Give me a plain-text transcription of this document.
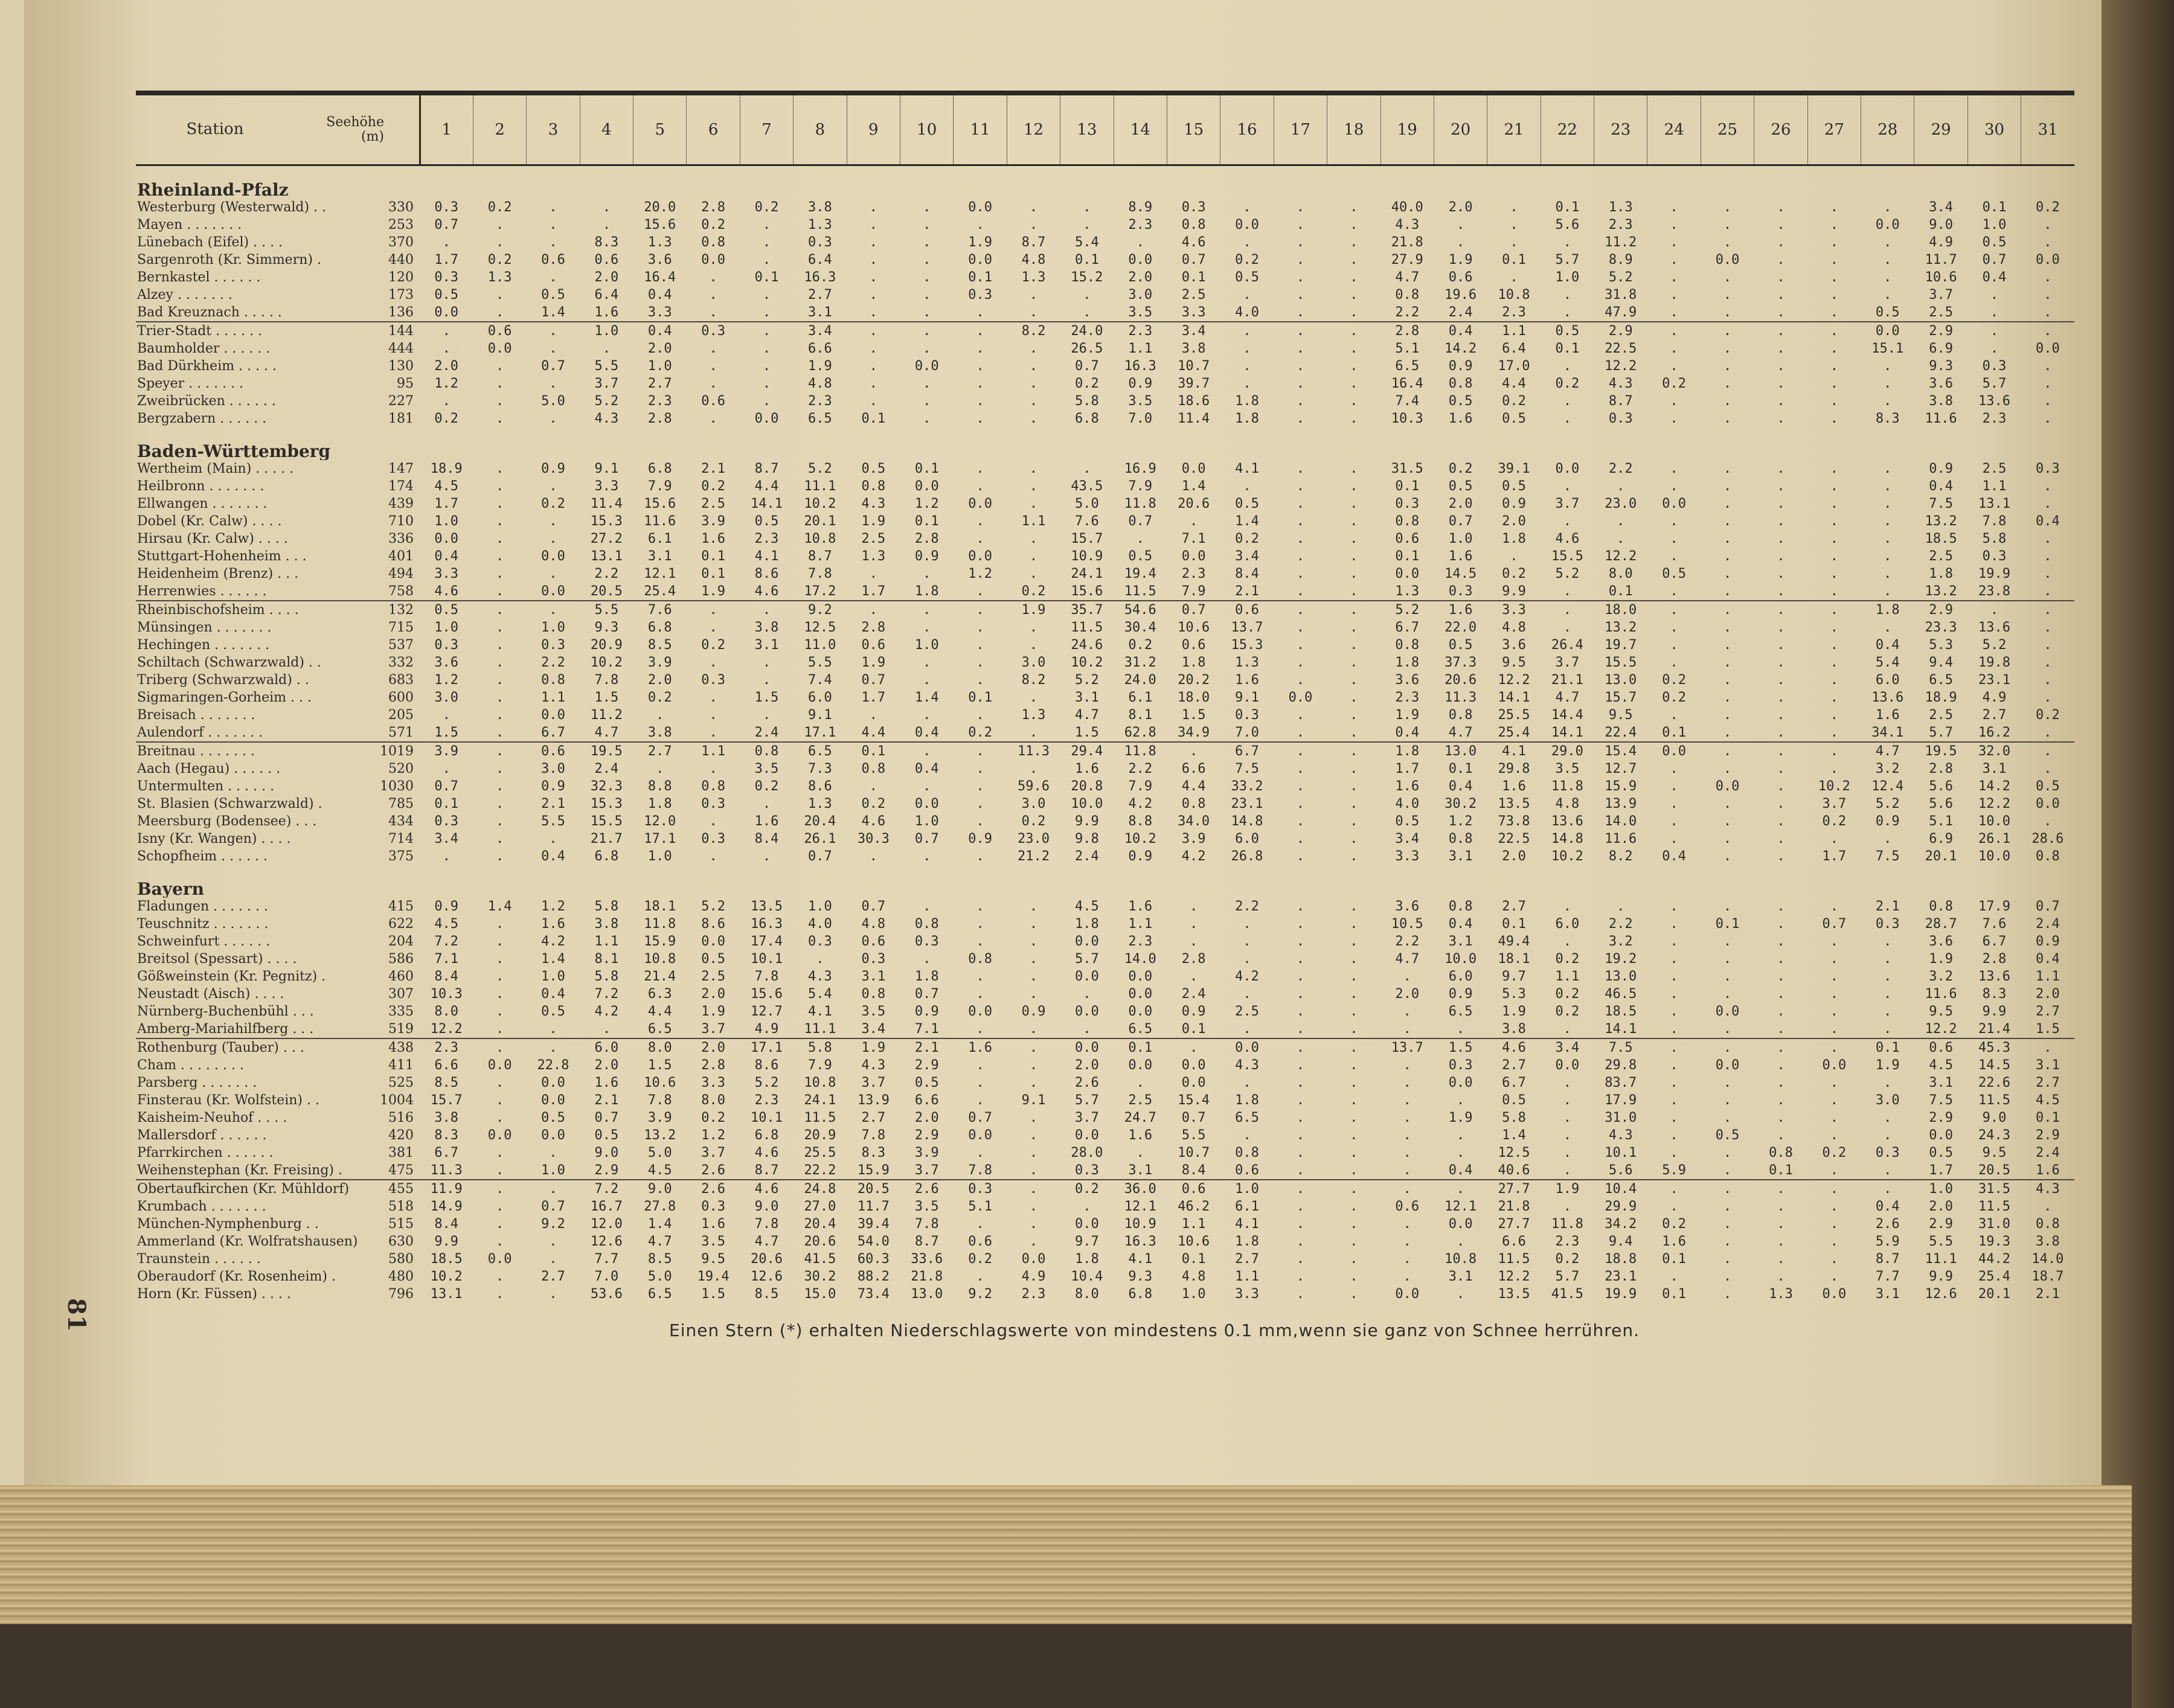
81
Station Seehöhe
(m)	1	2	3	4	5	6	7	8	9	10	11	12	13	14	15	16	17	18	19	20	21	22	23	24	25	26	27	28	29	30	31
Rheinland-Pfalz																															
Westerburg (Westerwald) . . 330	0.3	0.2	.	.	20.0	2.8	0.2	3.8	.	.	0.0	.	.	8.9	0.3	.	.	.	40.0	2.0	.	0.1	1.3	.	.	.	.	.	3.4	0.1	0.2
Mayen . . . . . . . 253	0.7	.	.	.	15.6	0.2	.	1.3	.	.	.	.	.	2.3	0.8	0.0	.	.	4.3	.	.	5.6	2.3	.	.	.	.	0.0	9.0	1.0	.
Lünebach (Eifel) . . . . 370	.	.	.	8.3	1.3	0.8	.	0.3	.	.	1.9	8.7	5.4	.	4.6	.	.	.	21.8	.	.	.	11.2	.	.	.	.	.	4.9	0.5	.
Sargenroth (Kr. Simmern) . 440	1.7	0.2	0.6	0.6	3.6	0.0	.	6.4	.	.	0.0	4.8	0.1	0.0	0.7	0.2	.	.	27.9	1.9	0.1	5.7	8.9	.	0.0	.	.	.	11.7	0.7	0.0
Bernkastel . . . . . . 120	0.3	1.3	.	2.0	16.4	.	0.1	16.3	.	.	0.1	1.3	15.2	2.0	0.1	0.5	.	.	4.7	0.6	.	1.0	5.2	.	.	.	.	.	10.6	0.4	.
Alzey . . . . . . . 173	0.5	.	0.5	6.4	0.4	.	.	2.7	.	.	0.3	.	.	3.0	2.5	.	.	.	0.8	19.6	10.8	.	31.8	.	.	.	.	.	3.7	.	.
Bad Kreuznach . . . . . 136	0.0	.	1.4	1.6	3.3	.	.	3.1	.	.	.	.	.	3.5	3.3	4.0	.	.	2.2	2.4	2.3	.	47.9	.	.	.	.	0.5	2.5	.	.
Trier-Stadt . . . . . . 144	.	0.6	.	1.0	0.4	0.3	.	3.4	.	.	.	8.2	24.0	2.3	3.4	.	.	.	2.8	0.4	1.1	0.5	2.9	.	.	.	.	0.0	2.9	.	.
Baumholder . . . . . . 444	.	0.0	.	.	2.0	.	.	6.6	.	.	.	.	26.5	1.1	3.8	.	.	.	5.1	14.2	6.4	0.1	22.5	.	.	.	.	15.1	6.9	.	0.0
Bad Dürkheim . . . . . 130	2.0	.	0.7	5.5	1.0	.	.	1.9	.	0.0	.	.	0.7	16.3	10.7	.	.	.	6.5	0.9	17.0	.	12.2	.	.	.	.	.	9.3	0.3	.
Speyer . . . . . . . 95	1.2	.	.	3.7	2.7	.	.	4.8	.	.	.	.	0.2	0.9	39.7	.	.	.	16.4	0.8	4.4	0.2	4.3	0.2	.	.	.	.	3.6	5.7	.
Zweibrücken . . . . . . 227	.	.	5.0	5.2	2.3	0.6	.	2.3	.	.	.	.	5.8	3.5	18.6	1.8	.	.	7.4	0.5	0.2	.	8.7	.	.	.	.	.	3.8	13.6	.
Bergzabern . . . . . . 181	0.2	.	.	4.3	2.8	.	0.0	6.5	0.1	.	.	.	6.8	7.0	11.4	1.8	.	.	10.3	1.6	0.5	.	0.3	.	.	.	.	8.3	11.6	2.3	.
Baden-Württemberg																															
Wertheim (Main) . . . . . 147	18.9	.	0.9	9.1	6.8	2.1	8.7	5.2	0.5	0.1	.	.	.	16.9	0.0	4.1	.	.	31.5	0.2	39.1	0.0	2.2	.	.	.	.	.	0.9	2.5	0.3
Heilbronn . . . . . . . 174	4.5	.	.	3.3	7.9	0.2	4.4	11.1	0.8	0.0	.	.	43.5	7.9	1.4	.	.	.	0.1	0.5	0.5	.	.	.	.	.	.	.	0.4	1.1	.
Ellwangen . . . . . . . 439	1.7	.	0.2	11.4	15.6	2.5	14.1	10.2	4.3	1.2	0.0	.	5.0	11.8	20.6	0.5	.	.	0.3	2.0	0.9	3.7	23.0	0.0	.	.	.	.	7.5	13.1	.
Dobel (Kr. Calw) . . . . 710	1.0	.	.	15.3	11.6	3.9	0.5	20.1	1.9	0.1	.	1.1	7.6	0.7	.	1.4	.	.	0.8	0.7	2.0	.	.	.	.	.	.	.	13.2	7.8	0.4
Hirsau (Kr. Calw) . . . . 336	0.0	.	.	27.2	6.1	1.6	2.3	10.8	2.5	2.8	.	.	15.7	.	7.1	0.2	.	.	0.6	1.0	1.8	4.6	.	.	.	.	.	.	18.5	5.8	.
Stuttgart-Hohenheim . . . 401	0.4	.	0.0	13.1	3.1	0.1	4.1	8.7	1.3	0.9	0.0	.	10.9	0.5	0.0	3.4	.	.	0.1	1.6	.	15.5	12.2	.	.	.	.	.	2.5	0.3	.
Heidenheim (Brenz) . . . 494	3.3	.	.	2.2	12.1	0.1	8.6	7.8	.	.	1.2	.	24.1	19.4	2.3	8.4	.	.	0.0	14.5	0.2	5.2	8.0	0.5	.	.	.	.	1.8	19.9	.
Herrenwies . . . . . . 758	4.6	.	0.0	20.5	25.4	1.9	4.6	17.2	1.7	1.8	.	0.2	15.6	11.5	7.9	2.1	.	.	1.3	0.3	9.9	.	0.1	.	.	.	.	.	13.2	23.8	.
Rheinbischofsheim . . . . 132	0.5	.	.	5.5	7.6	.	.	9.2	.	.	.	1.9	35.7	54.6	0.7	0.6	.	.	5.2	1.6	3.3	.	18.0	.	.	.	.	1.8	2.9	.	.
Münsingen . . . . . . . 715	1.0	.	1.0	9.3	6.8	.	3.8	12.5	2.8	.	.	.	11.5	30.4	10.6	13.7	.	.	6.7	22.0	4.8	.	13.2	.	.	.	.	.	23.3	13.6	.
Hechingen . . . . . . . 537	0.3	.	0.3	20.9	8.5	0.2	3.1	11.0	0.6	1.0	.	.	24.6	0.2	0.6	15.3	.	.	0.8	0.5	3.6	26.4	19.7	.	.	.	.	0.4	5.3	5.2	.
Schiltach (Schwarzwald) . . 332	3.6	.	2.2	10.2	3.9	.	.	5.5	1.9	.	.	3.0	10.2	31.2	1.8	1.3	.	.	1.8	37.3	9.5	3.7	15.5	.	.	.	.	5.4	9.4	19.8	.
Triberg (Schwarzwald) . . 683	1.2	.	0.8	7.8	2.0	0.3	.	7.4	0.7	.	.	8.2	5.2	24.0	20.2	1.6	.	.	3.6	20.6	12.2	21.1	13.0	0.2	.	.	.	6.0	6.5	23.1	.
Sigmaringen-Gorheim . . . 600	3.0	.	1.1	1.5	0.2	.	1.5	6.0	1.7	1.4	0.1	.	3.1	6.1	18.0	9.1	0.0	.	2.3	11.3	14.1	4.7	15.7	0.2	.	.	.	13.6	18.9	4.9	.
Breisach . . . . . . . 205	.	.	0.0	11.2	.	.	.	9.1	.	.	.	1.3	4.7	8.1	1.5	0.3	.	.	1.9	0.8	25.5	14.4	9.5	.	.	.	.	1.6	2.5	2.7	0.2
Aulendorf . . . . . . . 571	1.5	.	6.7	4.7	3.8	.	2.4	17.1	4.4	0.4	0.2	.	1.5	62.8	34.9	7.0	.	.	0.4	4.7	25.4	14.1	22.4	0.1	.	.	.	34.1	5.7	16.2	.
Breitnau . . . . . . . 1019	3.9	.	0.6	19.5	2.7	1.1	0.8	6.5	0.1	.	.	11.3	29.4	11.8	.	6.7	.	.	1.8	13.0	4.1	29.0	15.4	0.0	.	.	.	4.7	19.5	32.0	.
Aach (Hegau) . . . . . . 520	.	.	3.0	2.4	.	.	3.5	7.3	0.8	0.4	.	.	1.6	2.2	6.6	7.5	.	.	1.7	0.1	29.8	3.5	12.7	.	.	.	.	3.2	2.8	3.1	.
Untermulten . . . . . . 1030	0.7	.	0.9	32.3	8.8	0.8	0.2	8.6	.	.	.	59.6	20.8	7.9	4.4	33.2	.	.	1.6	0.4	1.6	11.8	15.9	.	0.0	.	10.2	12.4	5.6	14.2	0.5
St. Blasien (Schwarzwald) . 785	0.1	.	2.1	15.3	1.8	0.3	.	1.3	0.2	0.0	.	3.0	10.0	4.2	0.8	23.1	.	.	4.0	30.2	13.5	4.8	13.9	.	.	.	3.7	5.2	5.6	12.2	0.0
Meersburg (Bodensee) . . . 434	0.3	.	5.5	15.5	12.0	.	1.6	20.4	4.6	1.0	.	0.2	9.9	8.8	34.0	14.8	.	.	0.5	1.2	73.8	13.6	14.0	.	.	.	0.2	0.9	5.1	10.0	.
Isny (Kr. Wangen) . . . . 714	3.4	.	.	21.7	17.1	0.3	8.4	26.1	30.3	0.7	0.9	23.0	9.8	10.2	3.9	6.0	.	.	3.4	0.8	22.5	14.8	11.6	.	.	.	.	.	6.9	26.1	28.6
Schopfheim . . . . . . 375	.	.	0.4	6.8	1.0	.	.	0.7	.	.	.	21.2	2.4	0.9	4.2	26.8	.	.	3.3	3.1	2.0	10.2	8.2	0.4	.	.	1.7	7.5	20.1	10.0	0.8
Bayern																															
Fladungen . . . . . . . 415	0.9	1.4	1.2	5.8	18.1	5.2	13.5	1.0	0.7	.	.	.	4.5	1.6	.	2.2	.	.	3.6	0.8	2.7	.	.	.	.	.	.	2.1	0.8	17.9	0.7
Teuschnitz . . . . . . . 622	4.5	.	1.6	3.8	11.8	8.6	16.3	4.0	4.8	0.8	.	.	1.8	1.1	.	.	.	.	10.5	0.4	0.1	6.0	2.2	.	0.1	.	0.7	0.3	28.7	7.6	2.4
Schweinfurt . . . . . . 204	7.2	.	4.2	1.1	15.9	0.0	17.4	0.3	0.6	0.3	.	.	0.0	2.3	.	.	.	.	2.2	3.1	49.4	.	3.2	.	.	.	.	.	3.6	6.7	0.9
Breitsol (Spessart) . . . . 586	7.1	.	1.4	8.1	10.8	0.5	10.1	.	0.3	.	0.8	.	5.7	14.0	2.8	.	.	.	4.7	10.0	18.1	0.2	19.2	.	.	.	.	.	1.9	2.8	0.4
Gößweinstein (Kr. Pegnitz) . 460	8.4	.	1.0	5.8	21.4	2.5	7.8	4.3	3.1	1.8	.	.	0.0	0.0	.	4.2	.	.	.	6.0	9.7	1.1	13.0	.	.	.	.	.	3.2	13.6	1.1
Neustadt (Aisch) . . . . 307	10.3	.	0.4	7.2	6.3	2.0	15.6	5.4	0.8	0.7	.	.	.	0.0	2.4	.	.	.	2.0	0.9	5.3	0.2	46.5	.	.	.	.	.	11.6	8.3	2.0
Nürnberg-Buchenbühl . . . 335	8.0	.	0.5	4.2	4.4	1.9	12.7	4.1	3.5	0.9	0.0	0.9	0.0	0.0	0.9	2.5	.	.	.	6.5	1.9	0.2	18.5	.	0.0	.	.	.	9.5	9.9	2.7
Amberg-Mariahilfberg . . . 519	12.2	.	.	.	6.5	3.7	4.9	11.1	3.4	7.1	.	.	.	6.5	0.1	.	.	.	.	.	3.8	.	14.1	.	.	.	.	.	12.2	21.4	1.5
Rothenburg (Tauber) . . . 438	2.3	.	.	6.0	8.0	2.0	17.1	5.8	1.9	2.1	1.6	.	0.0	0.1	.	0.0	.	.	13.7	1.5	4.6	3.4	7.5	.	.	.	.	0.1	0.6	45.3	.
Cham . . . . . . . . 411	6.6	0.0	22.8	2.0	1.5	2.8	8.6	7.9	4.3	2.9	.	.	2.0	0.0	0.0	4.3	.	.	.	0.3	2.7	0.0	29.8	.	0.0	.	0.0	1.9	4.5	14.5	3.1
Parsberg . . . . . . . 525	8.5	.	0.0	1.6	10.6	3.3	5.2	10.8	3.7	0.5	.	.	2.6	.	0.0	.	.	.	.	0.0	6.7	.	83.7	.	.	.	.	.	3.1	22.6	2.7
Finsterau (Kr. Wolfstein) . . 1004	15.7	.	0.0	2.1	7.8	8.0	2.3	24.1	13.9	6.6	.	9.1	5.7	2.5	15.4	1.8	.	.	.	.	0.5	.	17.9	.	.	.	.	3.0	7.5	11.5	4.5
Kaisheim-Neuhof . . . . 516	3.8	.	0.5	0.7	3.9	0.2	10.1	11.5	2.7	2.0	0.7	.	3.7	24.7	0.7	6.5	.	.	.	1.9	5.8	.	31.0	.	.	.	.	.	2.9	9.0	0.1
Mallersdorf . . . . . . 420	8.3	0.0	0.0	0.5	13.2	1.2	6.8	20.9	7.8	2.9	0.0	.	0.0	1.6	5.5	.	.	.	.	.	1.4	.	4.3	.	0.5	.	.	.	0.0	24.3	2.9
Pfarrkirchen . . . . . . 381	6.7	.	.	9.0	5.0	3.7	4.6	25.5	8.3	3.9	.	.	28.0	.	10.7	0.8	.	.	.	.	12.5	.	10.1	.	.	0.8	0.2	0.3	0.5	9.5	2.4
Weihenstephan (Kr. Freising) . 475	11.3	.	1.0	2.9	4.5	2.6	8.7	22.2	15.9	3.7	7.8	.	0.3	3.1	8.4	0.6	.	.	.	0.4	40.6	.	5.6	5.9	.	0.1	.	.	1.7	20.5	1.6
Obertaufkirchen (Kr. Mühldorf) 455	11.9	.	.	7.2	9.0	2.6	4.6	24.8	20.5	2.6	0.3	.	0.2	36.0	0.6	1.0	.	.	.	.	27.7	1.9	10.4	.	.	.	.	.	1.0	31.5	4.3
Krumbach . . . . . . . 518	14.9	.	0.7	16.7	27.8	0.3	9.0	27.0	11.7	3.5	5.1	.	.	12.1	46.2	6.1	.	.	0.6	12.1	21.8	.	29.9	.	.	.	.	0.4	2.0	11.5	.
München-Nymphenburg . . 515	8.4	.	9.2	12.0	1.4	1.6	7.8	20.4	39.4	7.8	.	.	0.0	10.9	1.1	4.1	.	.	.	0.0	27.7	11.8	34.2	0.2	.	.	.	2.6	2.9	31.0	0.8
Ammerland (Kr. Wolfratshausen) 630	9.9	.	.	12.6	4.7	3.5	4.7	20.6	54.0	8.7	0.6	.	9.7	16.3	10.6	1.8	.	.	.	.	6.6	2.3	9.4	1.6	.	.	.	5.9	5.5	19.3	3.8
Traunstein . . . . . . 580	18.5	0.0	.	7.7	8.5	9.5	20.6	41.5	60.3	33.6	0.2	0.0	1.8	4.1	0.1	2.7	.	.	.	10.8	11.5	0.2	18.8	0.1	.	.	.	8.7	11.1	44.2	14.0
Oberaudorf (Kr. Rosenheim) . 480	10.2	.	2.7	7.0	5.0	19.4	12.6	30.2	88.2	21.8	.	4.9	10.4	9.3	4.8	1.1	.	.	.	3.1	12.2	5.7	23.1	.	.	.	.	7.7	9.9	25.4	18.7
Horn (Kr. Füssen) . . . . 796	13.1	.	.	53.6	6.5	1.5	8.5	15.0	73.4	13.0	9.2	2.3	8.0	6.8	1.0	3.3	.	.	0.0	.	13.5	41.5	19.9	0.1	.	1.3	0.0	3.1	12.6	20.1	2.1
Einen Stern (*) erhalten Niederschlagswerte von mindestens 0.1 mm,wenn sie ganz von Schnee herrühren.
